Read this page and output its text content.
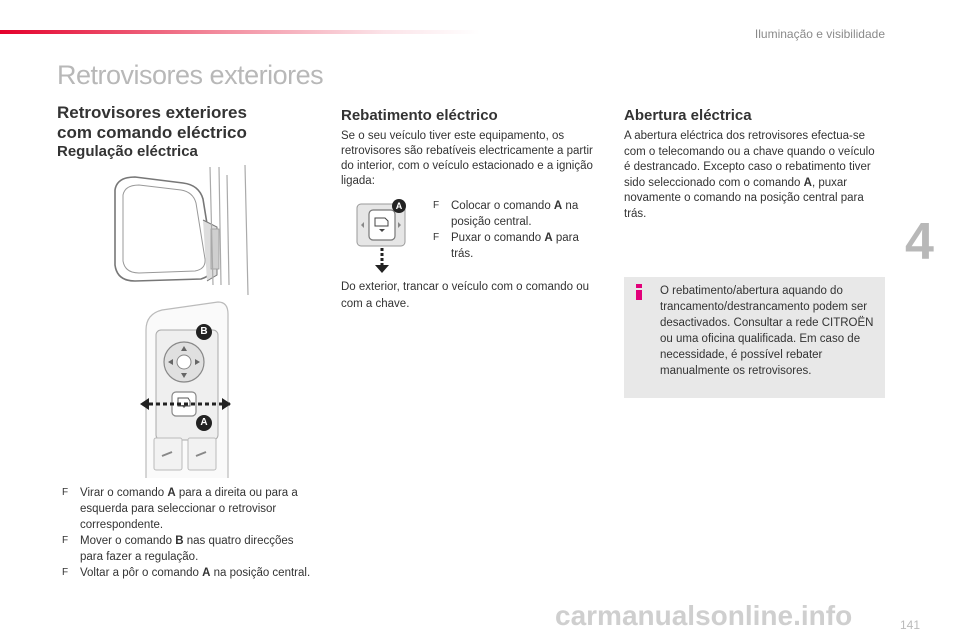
Iluminação e visibilidade
Retrovisores exteriores
4
Retrovisores exteriores
com comando eléctrico
Regulação eléctrica
B
A
F Virar o comando A para a direita ou para a esquerda para seleccionar o retrovisor correspondente.
F Mover o comando B nas quatro direcções para fazer a regulação.
F Voltar a pôr o comando A na posição central.
Rebatimento eléctrico
Se o seu veículo tiver este equipamento, os retrovisores são rebatíveis electricamente a partir do interior, com o veículo estacionado e a ignição ligada:
A	F Colocar o comando A na posição central.
F Puxar o comando A para trás.
Do exterior, trancar o veículo com o comando ou com a chave.
Abertura eléctrica
A abertura eléctrica dos retrovisores efectua-se com o telecomando ou a chave quando o veículo é destrancado. Excepto caso o rebatimento tiver sido seleccionado com o comando A, puxar novamente o comando na posição central para trás.
O rebatimento/abertura aquando do trancamento/destrancamento podem ser desactivados. Consultar a rede CITROËN ou uma oficina qualificada. Em caso de necessidade, é possível rebater manualmente os retrovisores.
141
carmanualsonline.info
